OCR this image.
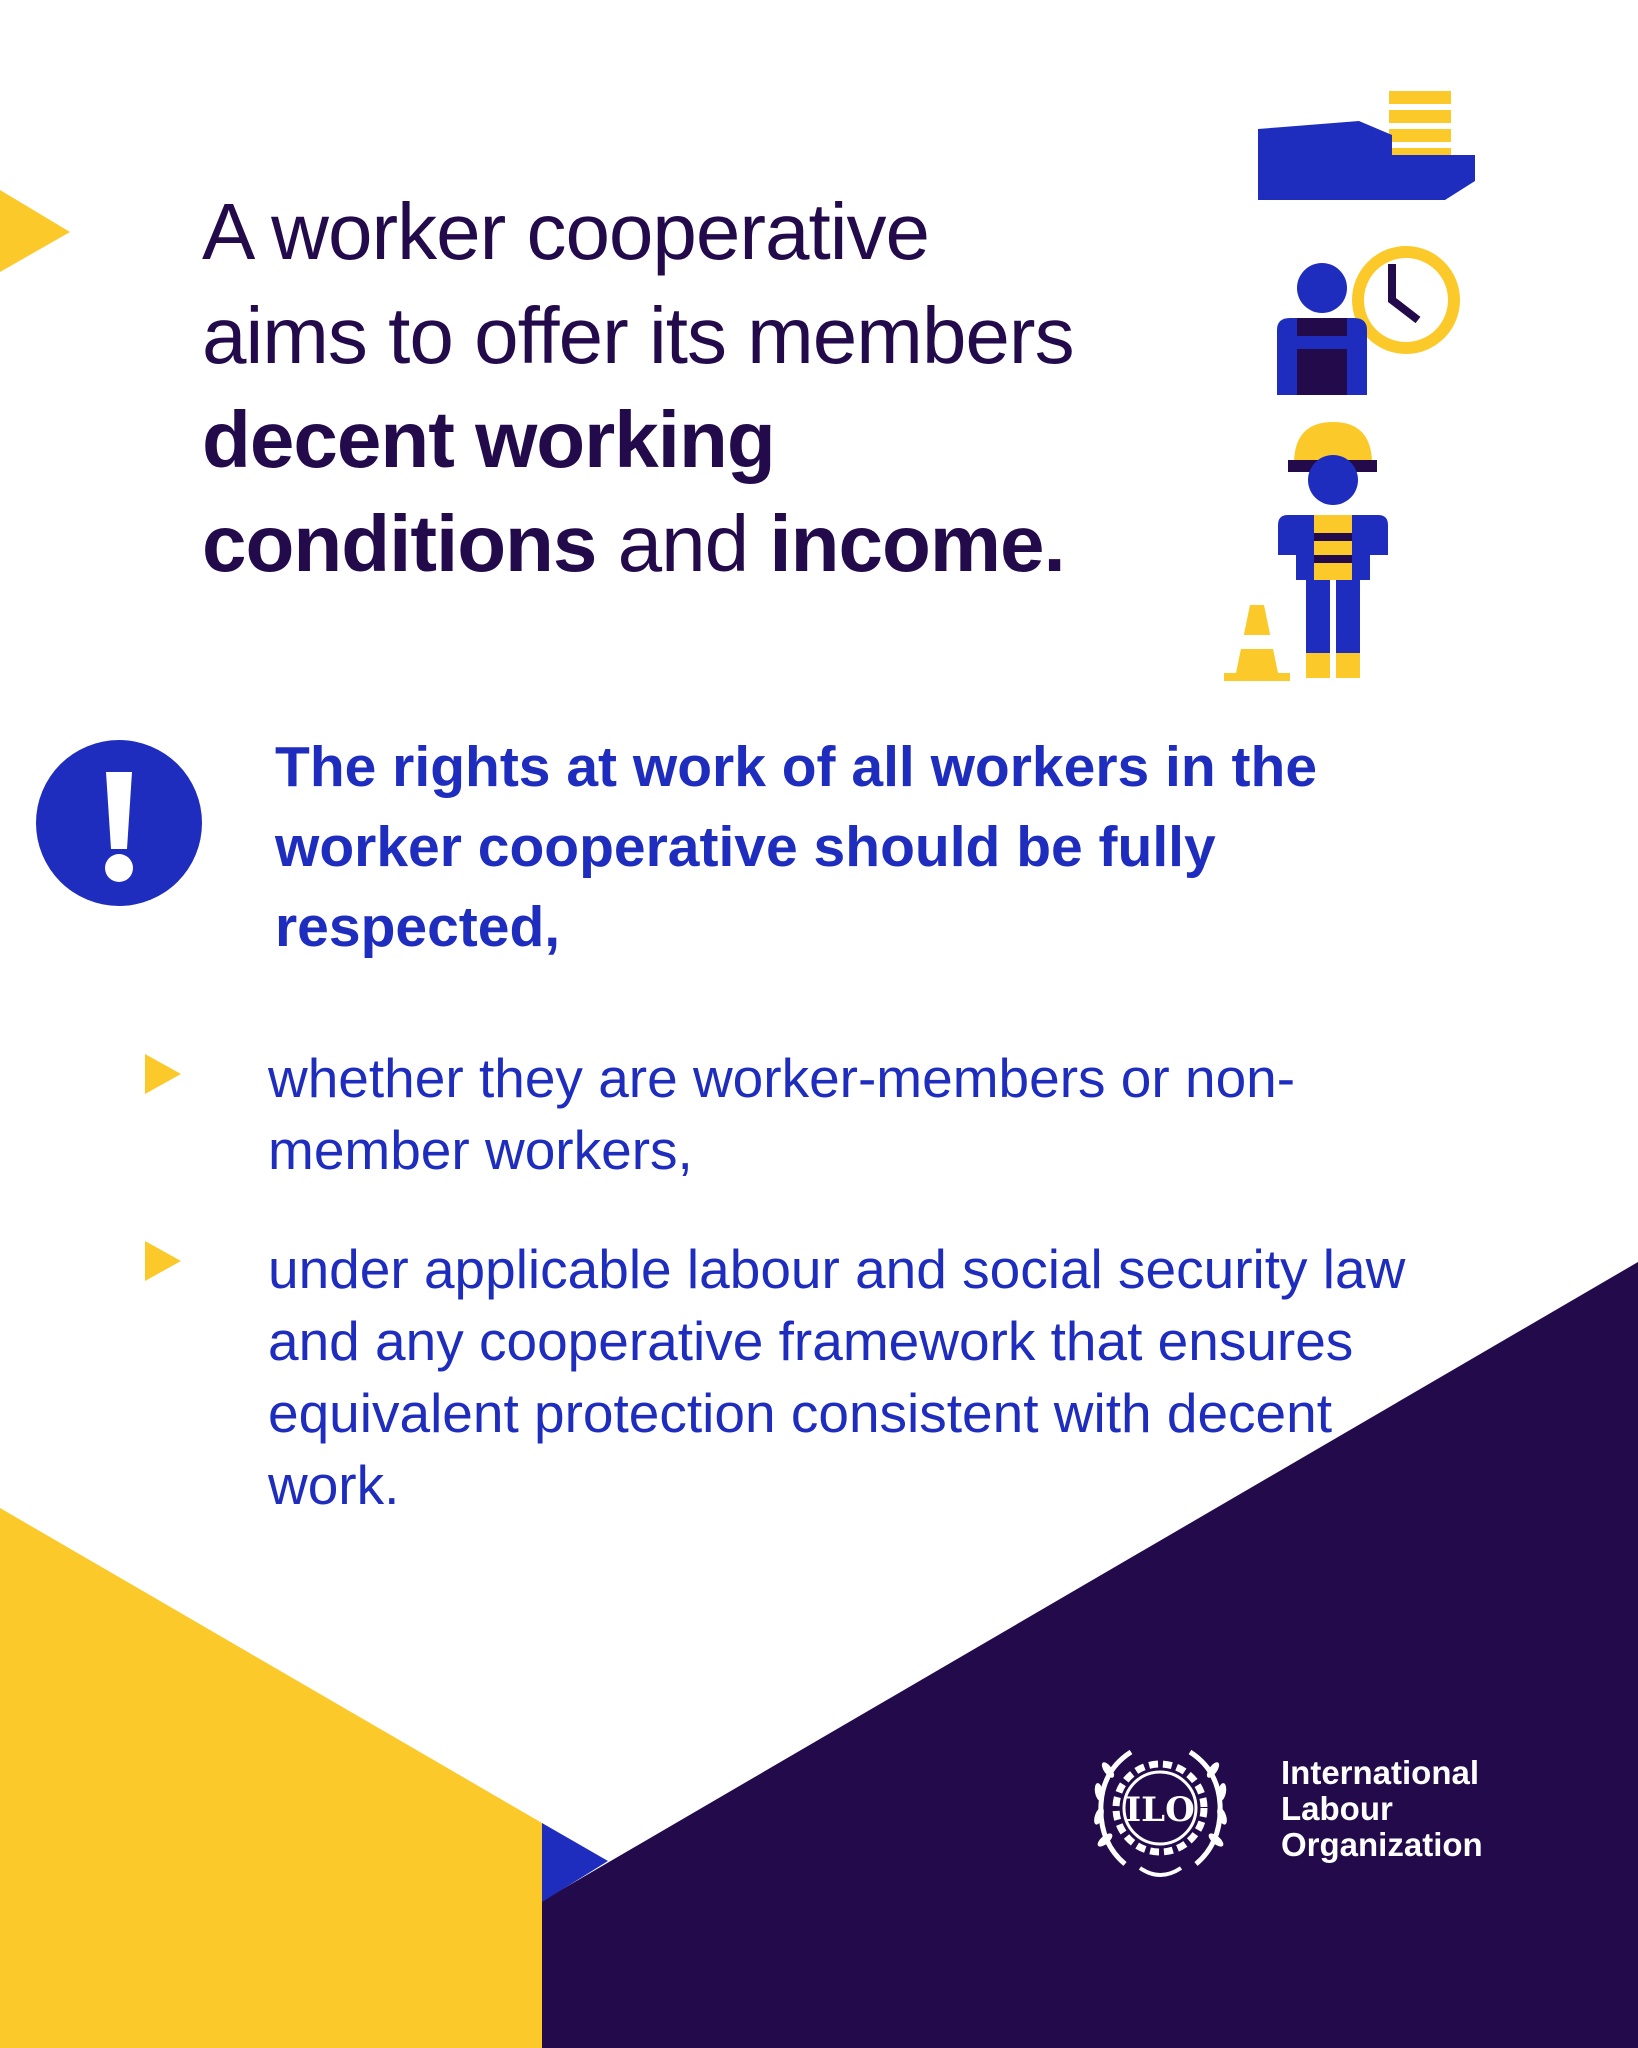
A worker cooperative
aims to offer its members
decent working
conditions and income.

The rights at work of all workers in the worker cooperative should be fully respected,

whether they are worker-members or non-member workers,

under applicable labour and social security law and any cooperative framework that ensures equivalent protection consistent with decent work.

ILO
International
Labour
Organization
